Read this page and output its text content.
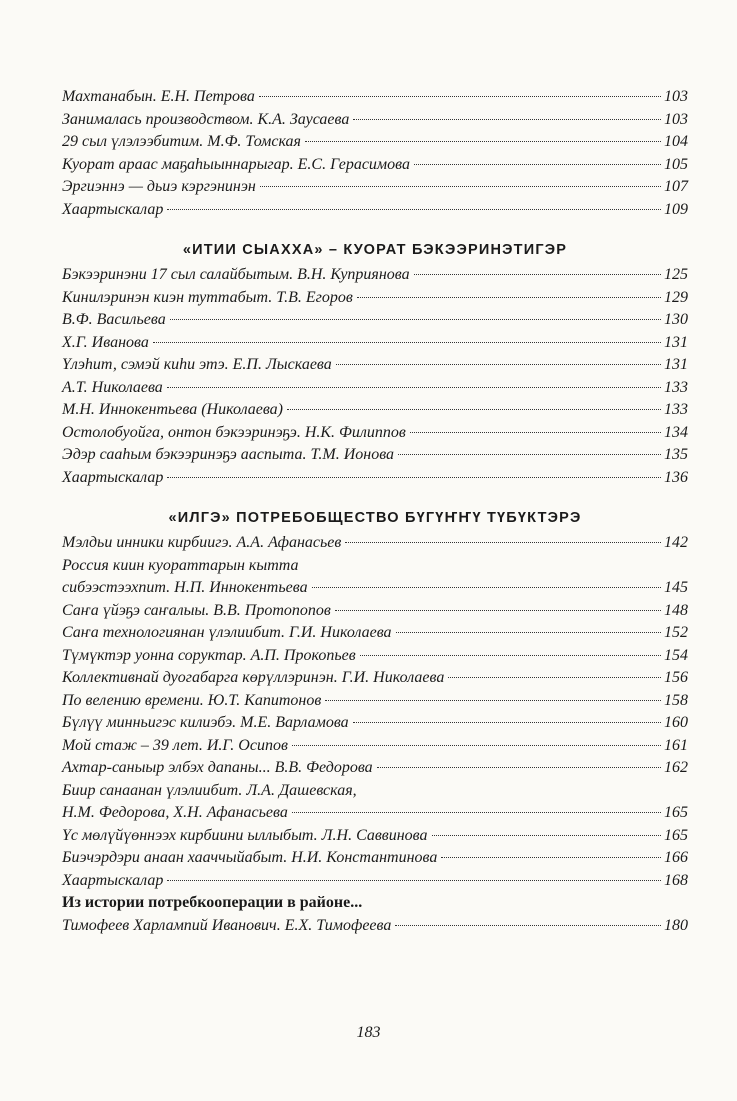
Махтанабын. Е.Н. Петрова	103
Занималась производством. К.А. Заусаева	103
29 сыл үлэлээбитим. М.Ф. Томская	104
Куорат араас маҕаһыыннарыгар. Е.С. Герасимова	105
Эргиэннэ — дьиэ кэргэнинэн	107
Хаартыскалар	109
«ИТИИ СЫАХХА» – КУОРАТ БЭКЭЭРИНЭТИГЭР
Бэкээринэни 17 сыл салайбытым. В.Н. Куприянова	125
Кинилэринэн киэн туттабыт. Т.В. Егоров	129
В.Ф. Васильева	130
Х.Г. Иванова	131
Үлэһит, сэмэй киһи этэ. Е.П. Лыскаева	131
А.Т. Николаева	133
М.Н. Иннокентьева (Николаева)	133
Остолобуойга, онтон бэкээринэҕэ. Н.К. Филиппов	134
Эдэр сааһым бэкээринэҕэ ааспыта. Т.М. Ионова	135
Хаартыскалар	136
«ИЛГЭ» ПОТРЕБОБЩЕСТВО БҮГҮҤҤҮ ТҮБҮКТЭРЭ
Мэлдьи инники кирбиигэ. А.А. Афанасьев	142
Россия киин куораттарын кытта
сибээстээхпит. Н.П. Иннокентьева	145
Саҥа үйэҕэ саҥалыы. В.В. Протопопов	148
Саҥа технологиянан үлэлиибит. Г.И. Николаева	152
Түмүктэр уонна соруктар. А.П. Прокопьев	154
Коллективнай дуогабарга көрүллэринэн. Г.И. Николаева	156
По велению времени. Ю.Т. Капитонов	158
Бүлүү минньигэс килиэбэ. М.Е. Варламова	160
Мой стаж – 39 лет. И.Г. Осипов	161
Ахтар-саныыр элбэх дапаны... В.В. Федорова	162
Биир санаанан үлэлиибит. Л.А. Дашевская,
Н.М. Федорова, Х.Н. Афанасьева	165
Үс мөлүйүөннээх кирбиини ыллыбыт. Л.Н. Саввинова	165
Биэчэрдэри анаан хааччыйабыт. Н.И. Константинова	166
Хаартыскалар	168
Из истории потребкооперации в районе...
Тимофеев Харлампий Иванович. Е.Х. Тимофеева	180
183
